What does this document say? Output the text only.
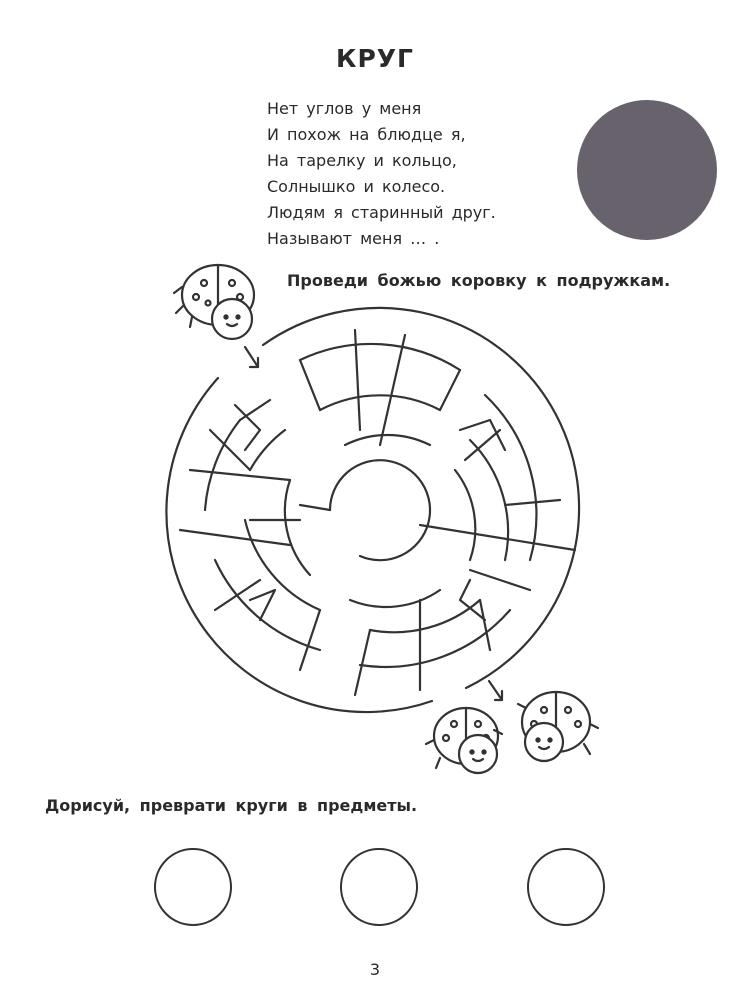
КРУГ
Нет углов у меня
И похож на блюдце я,
На тарелку и кольцо,
Солнышко и колесо.
Людям я старинный друг.
Называют меня … .
Проведи божью коровку к подружкам.
Дорисуй, преврати круги в предметы.
3
